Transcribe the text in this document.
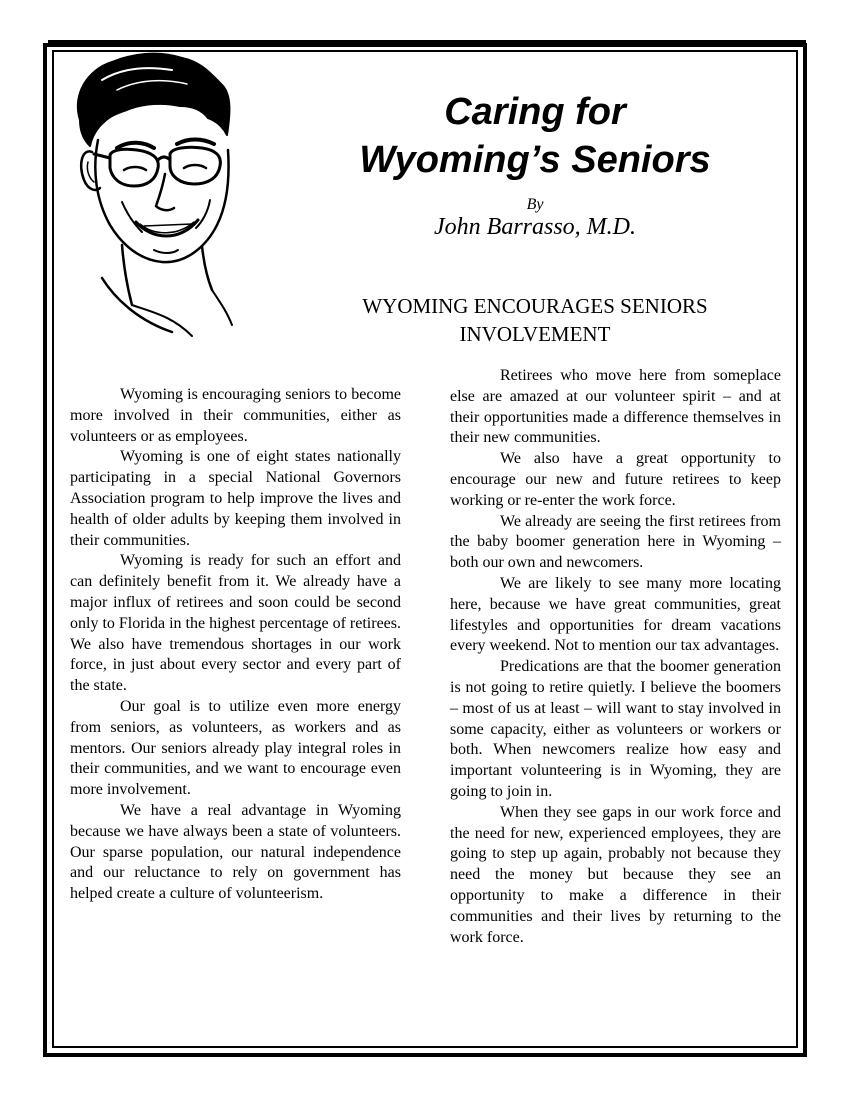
Caring for
Wyoming’s Seniors
By
John Barrasso, M.D.
WYOMING ENCOURAGES SENIORS
INVOLVEMENT

Wyoming is encouraging seniors to become more involved in their communities, either as volunteers or as employees.

Wyoming is one of eight states nationally participating in a special National Governors Association program to help improve the lives and health of older adults by keeping them involved in their communities.

Wyoming is ready for such an effort and can definitely benefit from it. We already have a major influx of retirees and soon could be second only to Florida in the highest percentage of retirees. We also have tremendous shortages in our work force, in just about every sector and every part of the state.

Our goal is to utilize even more energy from seniors, as volunteers, as workers and as mentors. Our seniors already play integral roles in their communities, and we want to encourage even more involvement.

We have a real advantage in Wyoming because we have always been a state of volunteers. Our sparse population, our natural independence and our reluctance to rely on government has helped create a culture of volunteerism.

Retirees who move here from someplace else are amazed at our volunteer spirit – and at their opportunities made a difference themselves in their new communities.

We also have a great opportunity to encourage our new and future retirees to keep working or re-enter the work force.

We already are seeing the first retirees from the baby boomer generation here in Wyoming – both our own and newcomers.

We are likely to see many more locating here, because we have great communities, great lifestyles and opportunities for dream vacations every weekend. Not to mention our tax advantages.

Predications are that the boomer generation is not going to retire quietly. I believe the boomers – most of us at least – will want to stay involved in some capacity, either as volunteers or workers or both. When newcomers realize how easy and important volunteering is in Wyoming, they are going to join in.

When they see gaps in our work force and the need for new, experienced employees, they are going to step up again, probably not because they need the money but because they see an opportunity to make a difference in their communities and their lives by returning to the work force.
